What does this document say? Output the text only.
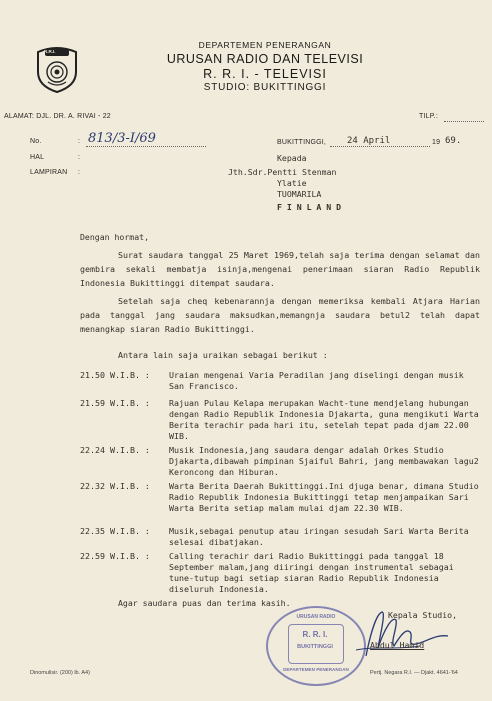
R.R.I.
DEPARTEMEN PENERANGAN
URUSAN RADIO DAN TELEVISI
R. R. I. - TELEVISI
STUDIO: BUKITTINGGI
ALAMAT: DJL. DR. A. RIVAI - 22	TILP.:
No.	: 813/3-I/69
HAL	:
LAMPIRAN :
BUKITTINGGI, 24 April	19 69.
Kepada
Jth.Sdr.Pentti Stenman
Ylatie
TUOMARILA
F I N L A N D
Dengan hormat,
Surat saudara tanggal 25 Maret 1969,telah saja terima dengan selamat dan gembira sekali membatja isinja,mengenai penerimaan siaran Radio Republik Indonesia Bukittinggi ditempat saudara.
Setelah saja cheq kebenarannja dengan memeriksa kembali Atjara Harian pada tanggal jang saudara maksudkan,memangnja saudara betul2 telah dapat menangkap siaran Radio Bukittinggi.
Antara lain saja uraikan sebagai berikut :
21.50 W.I.B. :	Uraian mengenai Varia Peradilan jang diselingi dengan musik San Francisco.
21.59 W.I.B. :	Rajuan Pulau Kelapa merupakan Wacht-tune mendjelang hubungan dengan Radio Republik Indonesia Djakarta, guna mengikuti Warta Berita terachir pada hari itu, setelah tepat pada djam 22.00 WIB.
22.24 W.I.B. :	Musik Indonesia,jang saudara dengar adalah Orkes Studio Djakarta,dibawah pimpinan Sjaiful Bahri, jang membawakan lagu2 Keroncong dan Hiburan.
22.32 W.I.B. :	Warta Berita Daerah Bukittinggi.Ini djuga benar, dimana Studio Radio Republik Indonesia Bukittinggi tetap menjampaikan Sari Warta Berita setiap malam mulai djam 22.30 WIB.
22.35 W.I.B. :	Musik,sebagai penutup atau iringan sesudah Sari Warta Berita selesai dibatjakan.
22.59 W.I.B. :	Calling terachir dari Radio Bukittinggi pada tanggal 18 September malam,jang diiringi dengan instrumental sebagai tune-tutup bagi setiap siaran Radio Republik Indonesia diseluruh Indonesia.
Agar saudara puas dan terima kasih.
URUSAN RADIO
R. R. I.
BUKITTINGGI
DEPARTEMEN PENERANGAN
Kepala Studio,
Abdul Hamid
Dinomulisir. (200) lb. A4)	Pertj. Negara R.I. — Djakt. 4641-'64
